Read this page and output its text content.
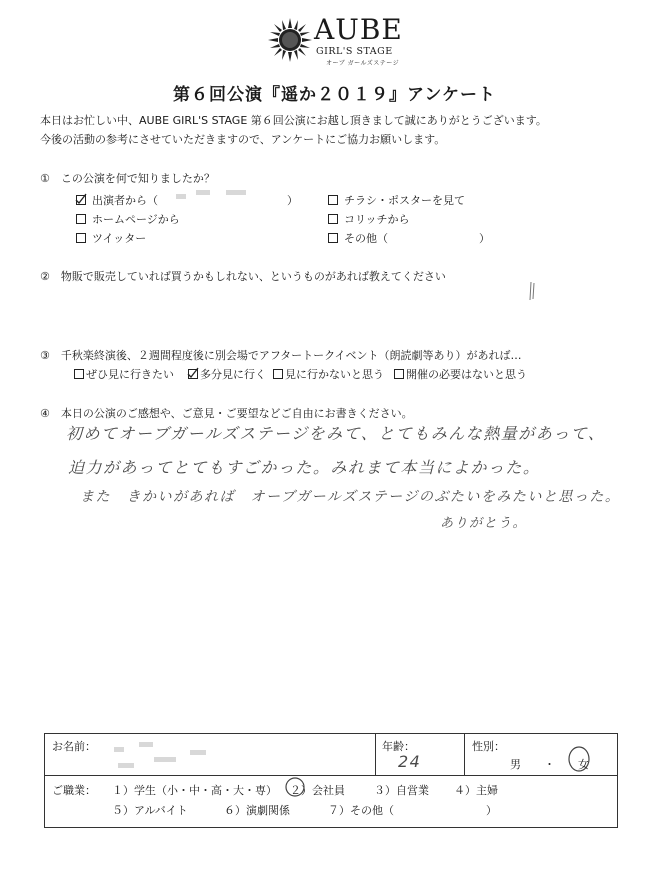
AUBE
GIRL'S STAGE
オーブ ガールズステージ
第６回公演『遥か２０１９』アンケート
本日はお忙しい中、AUBE GIRL'S STAGE 第６回公演にお越し頂きまして誠にありがとうございます。
今後の活動の参考にさせていただきますので、アンケートにご協力お願いします。
①　この公演を何で知りましたか？
出演者から（	）	チラシ・ポスターを見て
ホームページから	コリッチから
ツイッター	その他（	）
②　物販で販売していれば買うかもしれない、というものがあれば教えてください
③　千秋楽終演後、２週間程度後に別会場でアフタートークイベント（朗読劇等あり）があれば…
ぜひ見に行きたい	多分見に行く	見に行かないと思う	開催の必要はないと思う
④　本日の公演のご感想や、ご意見・ご要望などご自由にお書きください。
初めてオーブガールズステージをみて、とてもみんな熱量があって、
迫力があってとてもすごかった。みれまて本当によかった。
また　きかいがあれば　オーブガールズステージのぶたいをみたいと思った。
ありがとう。
お名前：	年齢：
24
性別：
男 ・ 女
ご職業： １）学生（小・中・高・大・専） ２）会社員	３）自営業 ４）主婦
５）アルバイト	６）演劇関係	７）その他（	）
